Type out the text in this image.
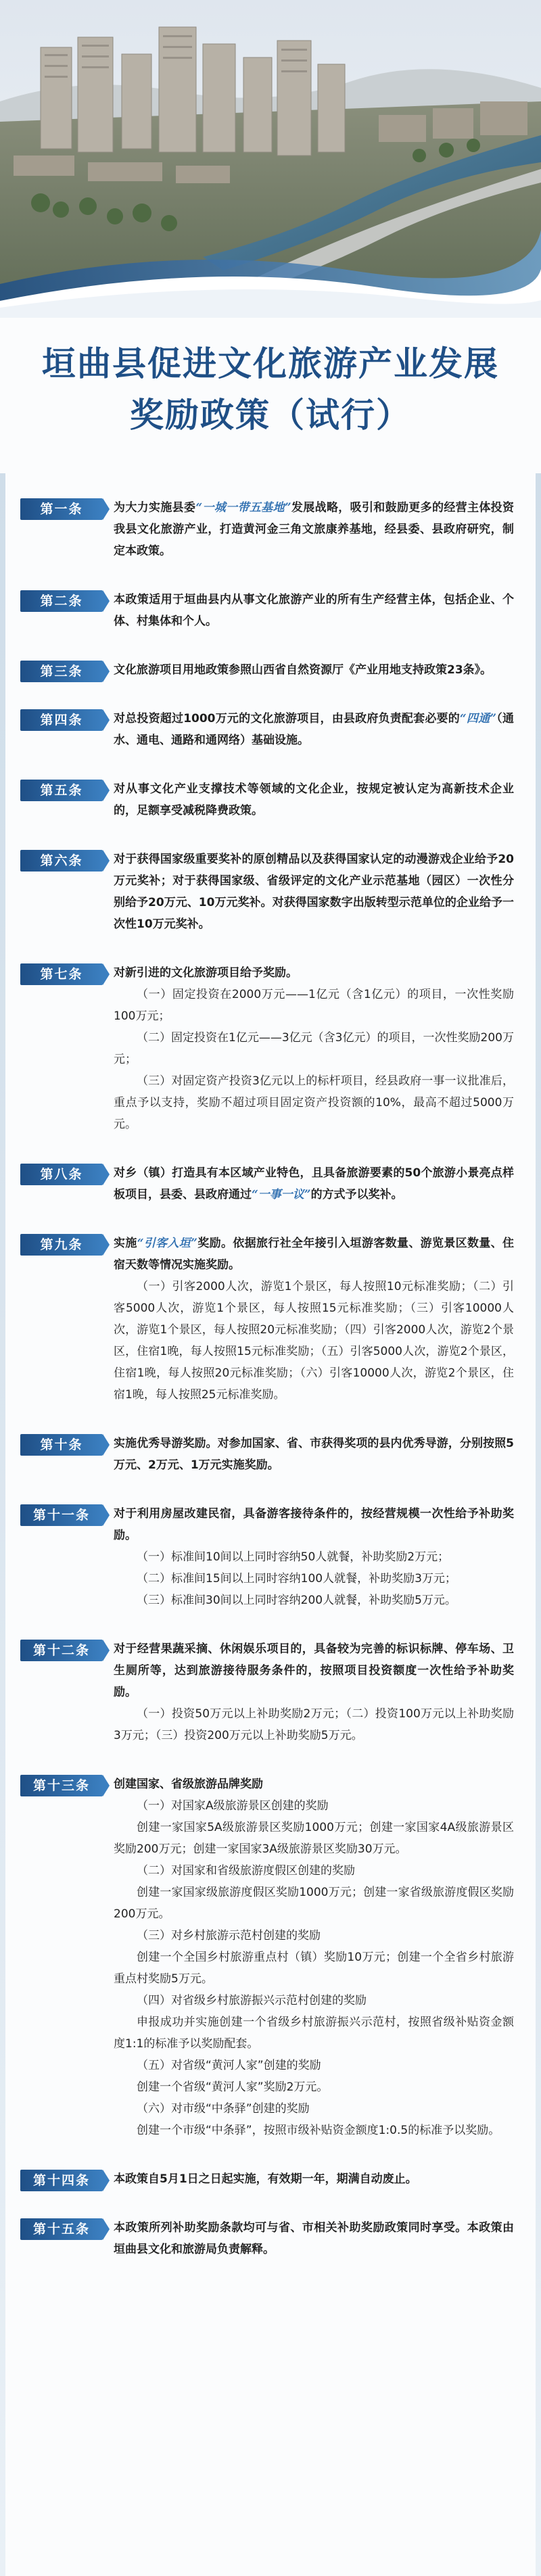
垣曲县促进文化旅游产业发展
奖励政策（试行）
第一条	为大力实施县委“一城一带五基地”发展战略，吸引和鼓励更多的经营主体投资我县文化旅游产业，打造黄河金三角文旅康养基地，经县委、县政府研究，制定本政策。
第二条	本政策适用于垣曲县内从事文化旅游产业的所有生产经营主体，包括企业、个体、村集体和个人。
第三条	文化旅游项目用地政策参照山西省自然资源厅《产业用地支持政策23条》。
第四条	对总投资超过1000万元的文化旅游项目，由县政府负责配套必要的“四通”（通水、通电、通路和通网络）基础设施。
第五条	对从事文化产业支撑技术等领域的文化企业，按规定被认定为高新技术企业的，足额享受减税降费政策。
第六条	对于获得国家级重要奖补的原创精品以及获得国家认定的动漫游戏企业给予20万元奖补；对于获得国家级、省级评定的文化产业示范基地（园区）一次性分别给予20万元、10万元奖补。对获得国家数字出版转型示范单位的企业给予一次性10万元奖补。
第七条	对新引进的文化旅游项目给予奖励。
（一）固定投资在2000万元——1亿元（含1亿元）的项目，一次性奖励100万元；
（二）固定投资在1亿元——3亿元（含3亿元）的项目，一次性奖励200万元；
（三）对固定资产投资3亿元以上的标杆项目，经县政府一事一议批准后，重点予以支持，奖励不超过项目固定资产投资额的10%，最高不超过5000万元。
第八条	对乡（镇）打造具有本区域产业特色，且具备旅游要素的50个旅游小景亮点样板项目，县委、县政府通过“一事一议”的方式予以奖补。
第九条	实施“引客入垣”奖励。依据旅行社全年接引入垣游客数量、游览景区数量、住宿天数等情况实施奖励。
（一）引客2000人次，游览1个景区，每人按照10元标准奖励；（二）引客5000人次，游览1个景区，每人按照15元标准奖励；（三）引客10000人次，游览1个景区，每人按照20元标准奖励；（四）引客2000人次，游览2个景区，住宿1晚，每人按照15元标准奖励；（五）引客5000人次，游览2个景区，住宿1晚，每人按照20元标准奖励；（六）引客10000人次，游览2个景区，住宿1晚，每人按照25元标准奖励。
第十条	实施优秀导游奖励。对参加国家、省、市获得奖项的县内优秀导游，分别按照5万元、2万元、1万元实施奖励。
第十一条	对于利用房屋改建民宿，具备游客接待条件的，按经营规模一次性给予补助奖励。
（一）标准间10间以上同时容纳50人就餐，补助奖励2万元；
（二）标准间15间以上同时容纳100人就餐，补助奖励3万元；
（三）标准间30间以上同时容纳200人就餐，补助奖励5万元。
第十二条	对于经营果蔬采摘、休闲娱乐项目的，具备较为完善的标识标牌、停车场、卫生厕所等，达到旅游接待服务条件的，按照项目投资额度一次性给予补助奖励。
（一）投资50万元以上补助奖励2万元；（二）投资100万元以上补助奖励3万元；（三）投资200万元以上补助奖励5万元。
第十三条	创建国家、省级旅游品牌奖励
（一）对国家A级旅游景区创建的奖励
创建一家国家5A级旅游景区奖励1000万元；创建一家国家4A级旅游景区奖励200万元；创建一家国家3A级旅游景区奖励30万元。
（二）对国家和省级旅游度假区创建的奖励
创建一家国家级旅游度假区奖励1000万元；创建一家省级旅游度假区奖励200万元。
（三）对乡村旅游示范村创建的奖励
创建一个全国乡村旅游重点村（镇）奖励10万元；创建一个全省乡村旅游重点村奖励5万元。
（四）对省级乡村旅游振兴示范村创建的奖励
申报成功并实施创建一个省级乡村旅游振兴示范村，按照省级补贴资金额度1:1的标准予以奖励配套。
（五）对省级“黄河人家”创建的奖励
创建一个省级“黄河人家”奖励2万元。
（六）对市级“中条驿”创建的奖励
创建一个市级“中条驿”，按照市级补贴资金额度1:0.5的标准予以奖励。
第十四条	本政策自5月1日之日起实施，有效期一年，期满自动废止。
第十五条	本政策所列补助奖励条款均可与省、市相关补助奖励政策同时享受。本政策由垣曲县文化和旅游局负责解释。
